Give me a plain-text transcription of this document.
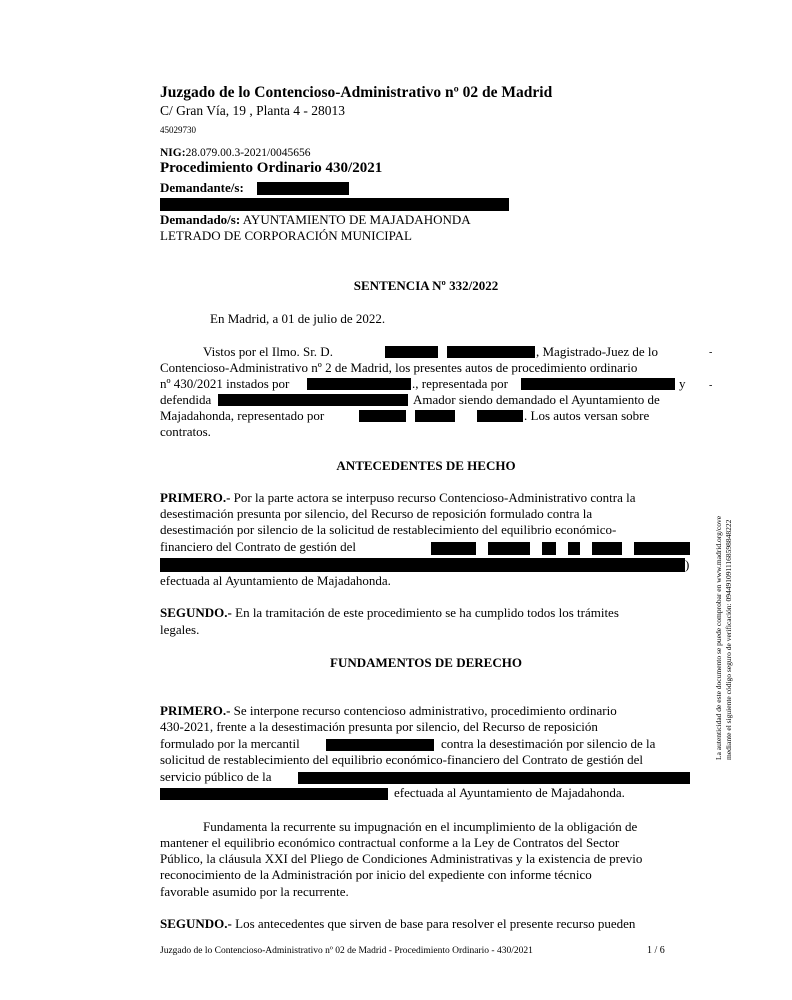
Juzgado de lo Contencioso-Administrativo nº 02 de Madrid
C/ Gran Vía, 19 , Planta 4 - 28013
45029730
NIG:28.079.00.3-2021/0045656
Procedimiento Ordinario 430/2021
Demandante/s:
Demandado/s: AYUNTAMIENTO DE MAJADAHONDA
LETRADO DE CORPORACIÓN MUNICIPAL
SENTENCIA Nº 332/2022
En Madrid, a 01 de julio de 2022.
Vistos por el Ilmo. Sr. D.	, Magistrado-Juez de lo
Contencioso-Administrativo nº 2 de Madrid, los presentes autos de procedimiento ordinario
nº 430/2021 instados por	., representada por	y
defendida	Amador siendo demandado el Ayuntamiento de
Majadahonda, representado por	. Los autos versan sobre
contratos.
ANTECEDENTES DE HECHO
PRIMERO.- Por la parte actora se interpuso recurso Contencioso-Administrativo contra la
desestimación presunta por silencio, del Recurso de reposición formulado contra la
desestimación por silencio de la solicitud de restablecimiento del equilibrio económico-
financiero del Contrato de gestión del
)
efectuada al Ayuntamiento de Majadahonda.
SEGUNDO.- En la tramitación de este procedimiento se ha cumplido todos los trámites
legales.
FUNDAMENTOS DE DERECHO
PRIMERO.- Se interpone recurso contencioso administrativo, procedimiento ordinario
430-2021, frente a la desestimación presunta por silencio, del Recurso de reposición
formulado por la mercantil	contra la desestimación por silencio de la
solicitud de restablecimiento del equilibrio económico-financiero del Contrato de gestión del
servicio público de la
efectuada al Ayuntamiento de Majadahonda.
Fundamenta la recurrente su impugnación en el incumplimiento de la obligación de
mantener el equilibrio económico contractual conforme a la Ley de Contratos del Sector
Público, la cláusula XXI del Pliego de Condiciones Administrativas y la existencia de previo
reconocimiento de la Administración por inicio del expediente con informe técnico
favorable asumido por la recurrente.
SEGUNDO.- Los antecedentes que sirven de base para resolver el presente recurso pueden
Juzgado de lo Contencioso-Administrativo nº 02 de Madrid - Procedimiento Ordinario - 430/2021	1 / 6
-
-
La autenticidad de este documento se puede comprobar en www.madrid.org/cove mediante el siguiente código seguro de verificación: 0944910911168598848222
